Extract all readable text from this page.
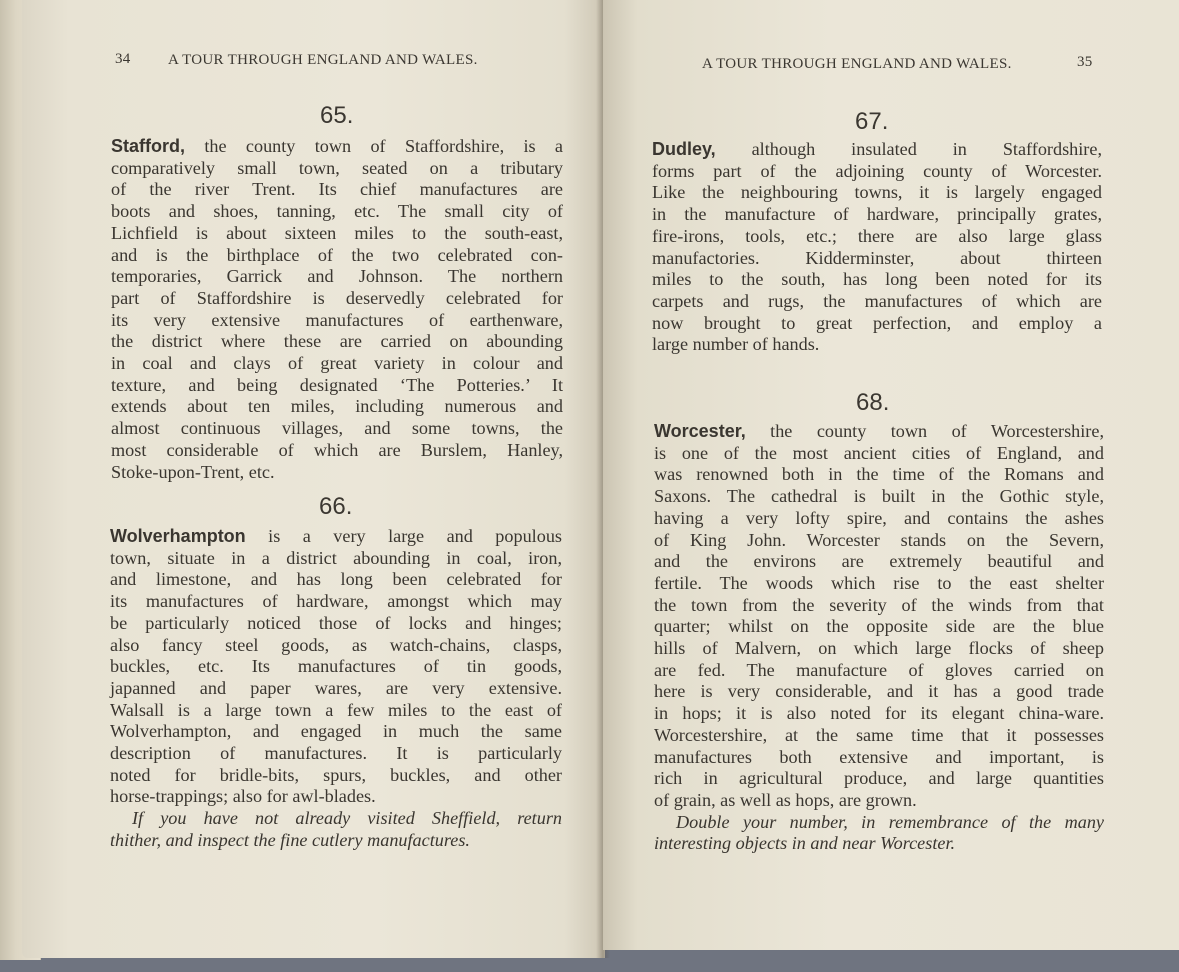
34 A TOUR THROUGH ENGLAND AND WALES.
65.
Stafford, the county town of Staffordshire, is a
comparatively small town, seated on a tributary
of the river Trent. Its chief manufactures are
boots and shoes, tanning, etc. The small city of
Lichfield is about sixteen miles to the south-east,
and is the birthplace of the two celebrated con-
temporaries, Garrick and Johnson. The northern
part of Staffordshire is deservedly celebrated for
its very extensive manufactures of earthenware,
the district where these are carried on abounding
in coal and clays of great variety in colour and
texture, and being designated ‘The Potteries.’ It
extends about ten miles, including numerous and
almost continuous villages, and some towns, the
most considerable of which are Burslem, Hanley,
Stoke-upon-Trent, etc.
66.
Wolverhampton is a very large and populous
town, situate in a district abounding in coal, iron,
and limestone, and has long been celebrated for
its manufactures of hardware, amongst which may
be particularly noticed those of locks and hinges;
also fancy steel goods, as watch-chains, clasps,
buckles, etc. Its manufactures of tin goods,
japanned and paper wares, are very extensive.
Walsall is a large town a few miles to the east of
Wolverhampton, and engaged in much the same
description of manufactures. It is particularly
noted for bridle-bits, spurs, buckles, and other
horse-trappings; also for awl-blades.
If you have not already visited Sheffield, return
thither, and inspect the fine cutlery manufactures.
A TOUR THROUGH ENGLAND AND WALES.	35
67.
Dudley, although insulated in Staffordshire,
forms part of the adjoining county of Worcester.
Like the neighbouring towns, it is largely engaged
in the manufacture of hardware, principally grates,
fire-irons, tools, etc.; there are also large glass
manufactories. Kidderminster, about thirteen
miles to the south, has long been noted for its
carpets and rugs, the manufactures of which are
now brought to great perfection, and employ a
large number of hands.
68.
Worcester, the county town of Worcestershire,
is one of the most ancient cities of England, and
was renowned both in the time of the Romans and
Saxons. The cathedral is built in the Gothic style,
having a very lofty spire, and contains the ashes
of King John. Worcester stands on the Severn,
and the environs are extremely beautiful and
fertile. The woods which rise to the east shelter
the town from the severity of the winds from that
quarter; whilst on the opposite side are the blue
hills of Malvern, on which large flocks of sheep
are fed. The manufacture of gloves carried on
here is very considerable, and it has a good trade
in hops; it is also noted for its elegant china-ware.
Worcestershire, at the same time that it possesses
manufactures both extensive and important, is
rich in agricultural produce, and large quantities
of grain, as well as hops, are grown.
Double your number, in remembrance of the many
interesting objects in and near Worcester.
